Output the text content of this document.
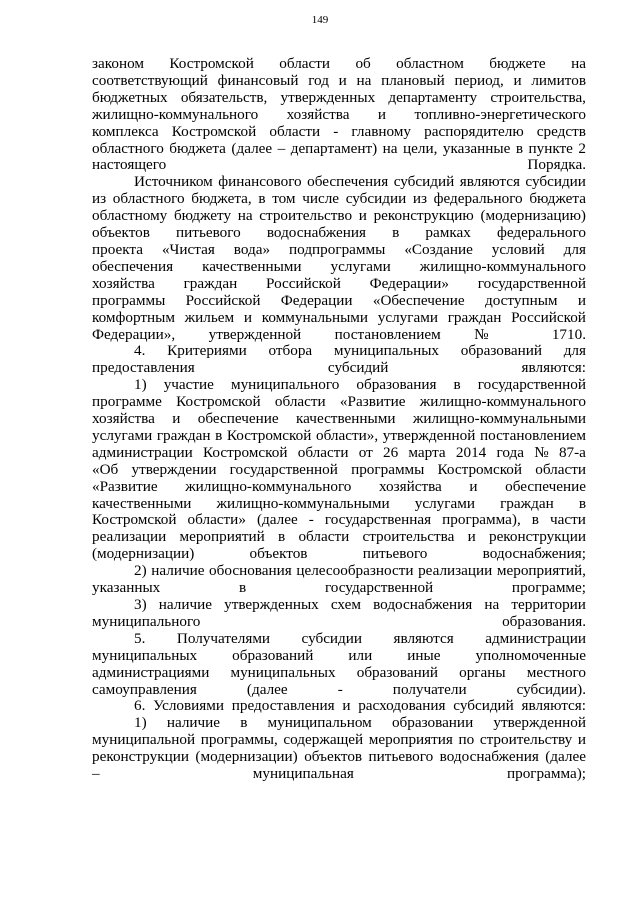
149
законом Костромской области об областном бюджете на
соответствующий финансовый год и на плановый период, и лимитов
бюджетных обязательств, утвержденных департаменту строительства,
жилищно-коммунального хозяйства и топливно-энергетического
комплекса Костромской области - главному распорядителю средств
областного бюджета (далее – департамент) на цели, указанные в пункте 2
настоящего Порядка.
Источником финансового обеспечения субсидий являются субсидии
из областного бюджета, в том числе субсидии из федерального бюджета
областному бюджету на строительство и реконструкцию (модернизацию)
объектов питьевого водоснабжения в рамках федерального
проекта «Чистая вода» подпрограммы «Создание условий для
обеспечения качественными услугами жилищно-коммунального
хозяйства граждан Российской Федерации» государственной
программы Российской Федерации «Обеспечение доступным и
комфортным жильем и коммунальными услугами граждан Российской
Федерации», утвержденной постановлением № 1710.
4. Критериями отбора муниципальных образований для
предоставления субсидий являются:
1) участие муниципального образования в государственной
программе Костромской области «Развитие жилищно-коммунального
хозяйства и обеспечение качественными жилищно-коммунальными
услугами граждан в Костромской области», утвержденной постановлением
администрации Костромской области от 26 марта 2014 года № 87-а
«Об утверждении государственной программы Костромской области
«Развитие жилищно-коммунального хозяйства и обеспечение
качественными жилищно-коммунальными услугами граждан в
Костромской области» (далее - государственная программа), в части
реализации мероприятий в области строительства и реконструкции
(модернизации) объектов питьевого водоснабжения;
2) наличие обоснования целесообразности реализации мероприятий,
указанных в государственной программе;
3) наличие утвержденных схем водоснабжения на территории
муниципального образования.
5. Получателями субсидии являются администрации
муниципальных образований или иные уполномоченные
администрациями муниципальных образований органы местного
самоуправления (далее - получатели субсидии).
6. Условиями предоставления и расходования субсидий являются:
1) наличие в муниципальном образовании утвержденной
муниципальной программы, содержащей мероприятия по строительству и
реконструкции (модернизации) объектов питьевого водоснабжения (далее
– муниципальная программа);
